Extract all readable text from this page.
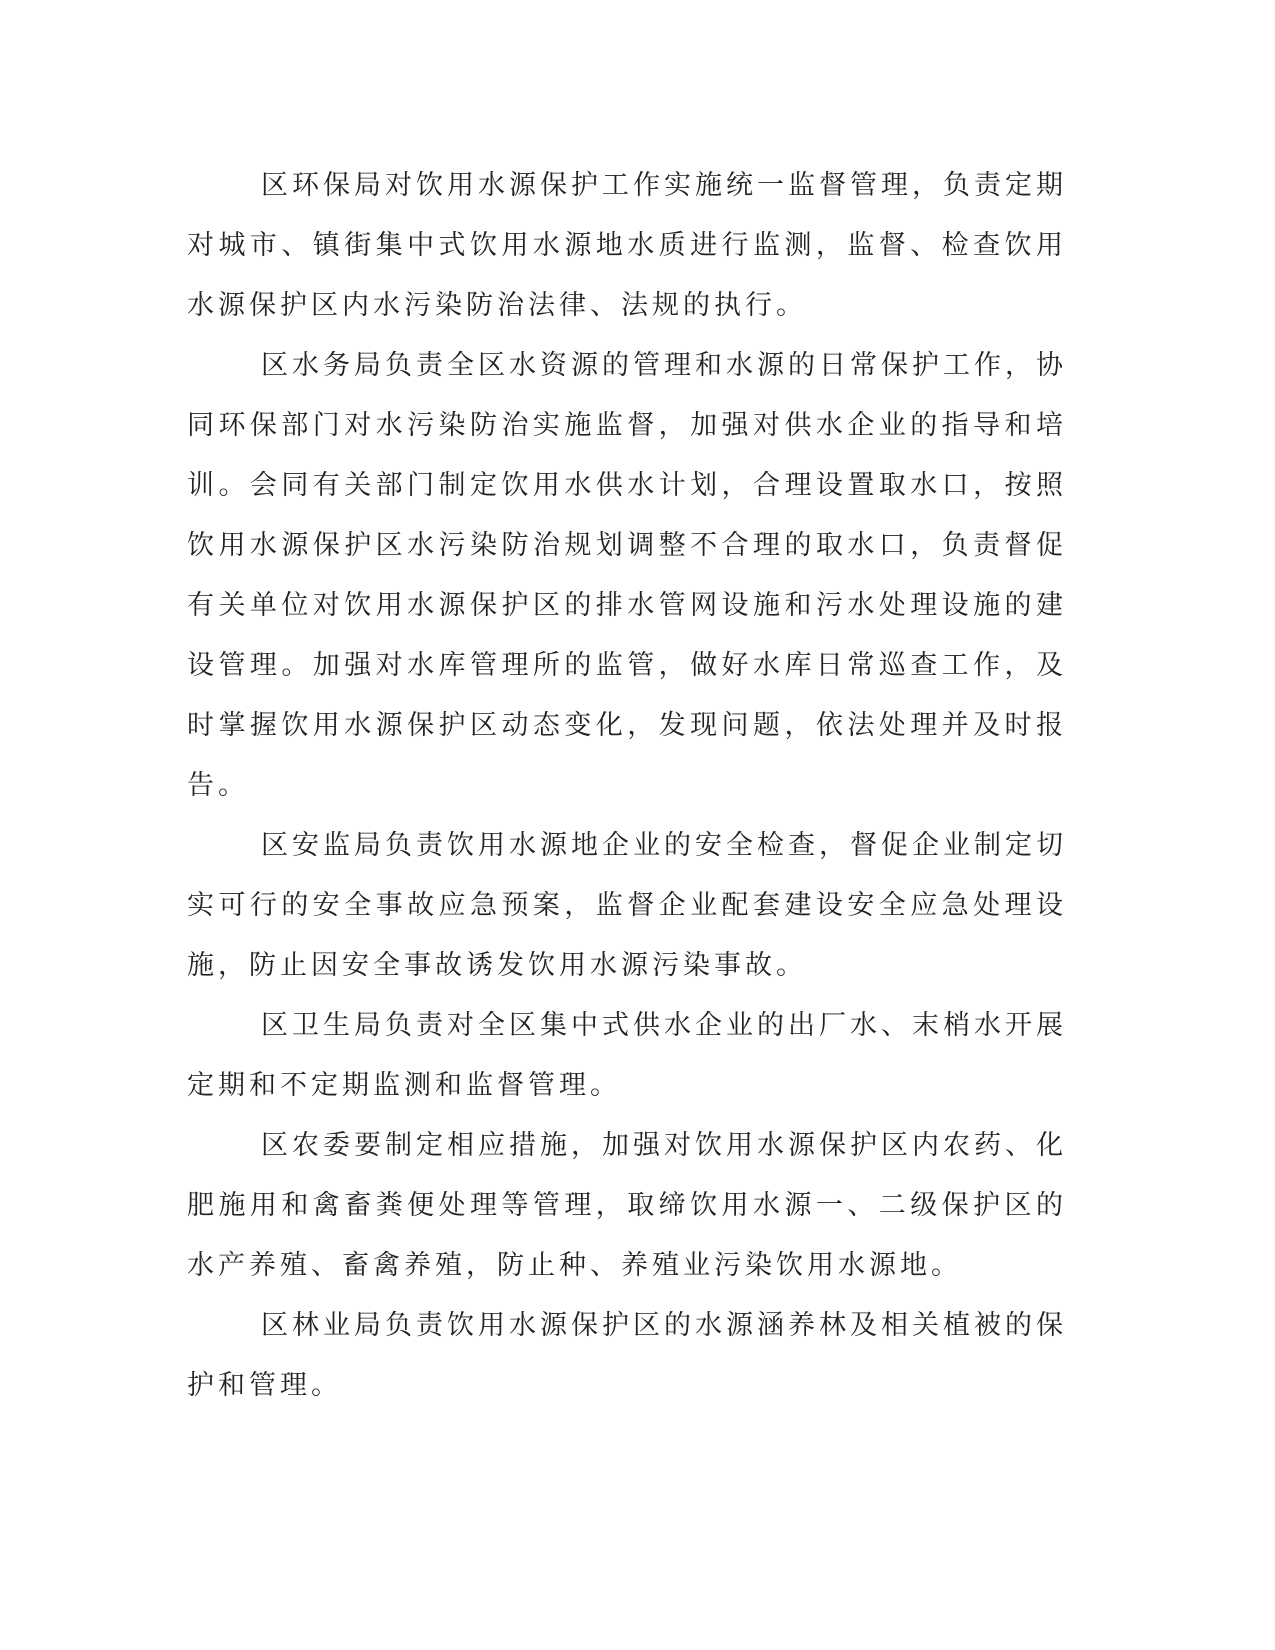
区环保局对饮用水源保护工作实施统一监督管理，负责定期对城市、镇街集中式饮用水源地水质进行监测，监督、检查饮用水源保护区内水污染防治法律、法规的执行。

区水务局负责全区水资源的管理和水源的日常保护工作，协同环保部门对水污染防治实施监督，加强对供水企业的指导和培训。会同有关部门制定饮用水供水计划，合理设置取水口，按照饮用水源保护区水污染防治规划调整不合理的取水口，负责督促有关单位对饮用水源保护区的排水管网设施和污水处理设施的建设管理。加强对水库管理所的监管，做好水库日常巡查工作，及时掌握饮用水源保护区动态变化，发现问题，依法处理并及时报告。

区安监局负责饮用水源地企业的安全检查，督促企业制定切实可行的安全事故应急预案，监督企业配套建设安全应急处理设施，防止因安全事故诱发饮用水源污染事故。

区卫生局负责对全区集中式供水企业的出厂水、末梢水开展定期和不定期监测和监督管理。

区农委要制定相应措施，加强对饮用水源保护区内农药、化肥施用和禽畜粪便处理等管理，取缔饮用水源一、二级保护区的水产养殖、畜禽养殖，防止种、养殖业污染饮用水源地。

区林业局负责饮用水源保护区的水源涵养林及相关植被的保护和管理。
